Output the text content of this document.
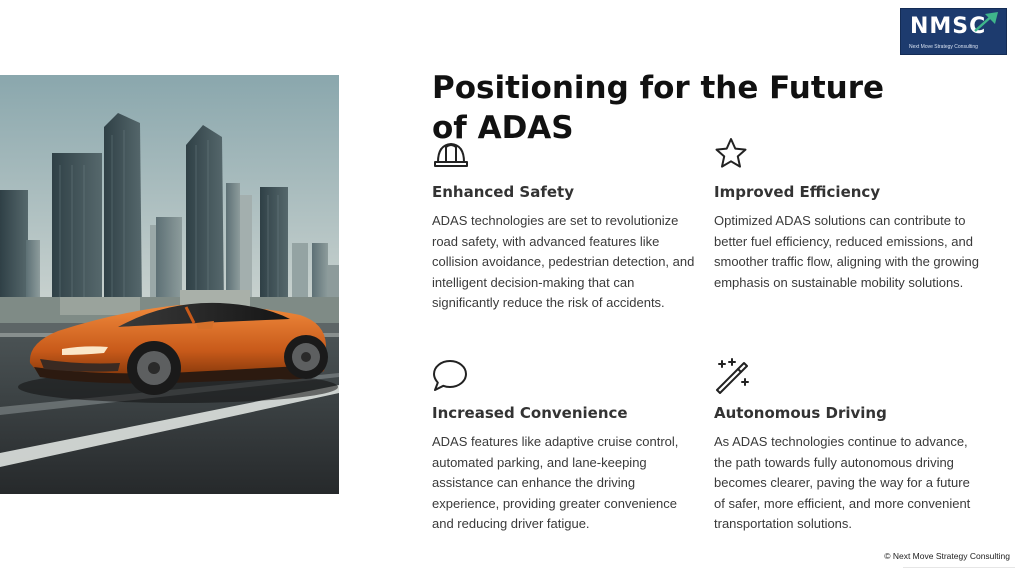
NMSC
Next Move Strategy Consulting
Positioning for the Future of ADAS
Enhanced Safety
ADAS technologies are set to revolutionize road safety, with advanced features like collision avoidance, pedestrian detection, and intelligent decision-making that can significantly reduce the risk of accidents.
Improved Efficiency
Optimized ADAS solutions can contribute to better fuel efficiency, reduced emissions, and smoother traffic flow, aligning with the growing emphasis on sustainable mobility solutions.
Increased Convenience
ADAS features like adaptive cruise control, automated parking, and lane-keeping assistance can enhance the driving experience, providing greater convenience and reducing driver fatigue.
Autonomous Driving
As ADAS technologies continue to advance, the path towards fully autonomous driving becomes clearer, paving the way for a future of safer, more efficient, and more convenient transportation solutions.
© Next Move Strategy Consulting
